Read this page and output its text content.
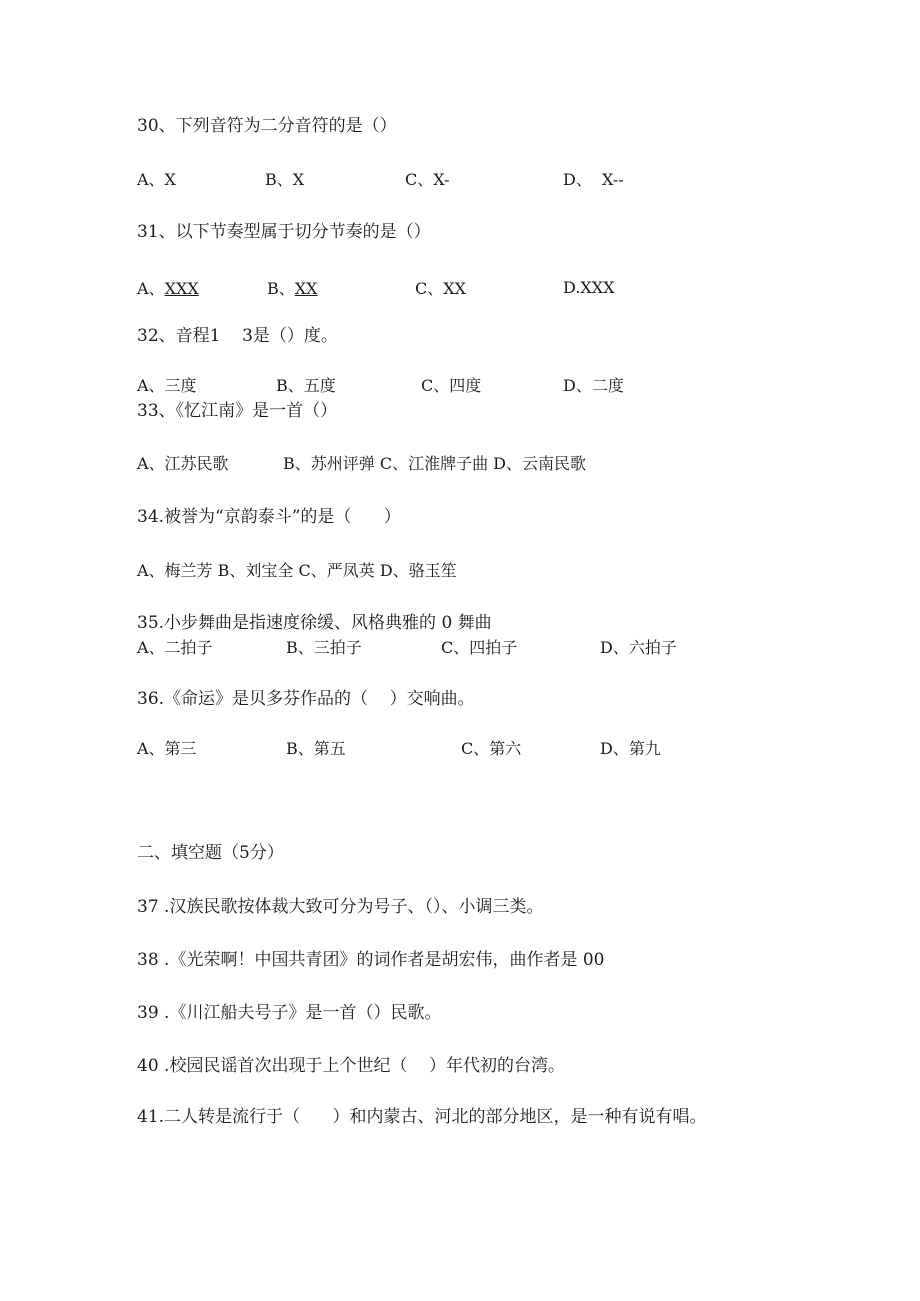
30、下列音符为二分音符的是（）
A、X	B、X	C、X-	D、  X--
31、以下节奏型属于切分节奏的是（）
A、XXX	B、XX	C、XX	D.XXX
32、音程1    3是（）度。
A、三度	B、五度	C、四度	D、二度
33、《忆江南》是一首（）
A、江苏民歌	B、苏州评弹 C、江淮牌子曲 D、云南民歌
34.被誉为“京韵泰斗”的是（      ）
A、梅兰芳 B、刘宝全 C、严凤英 D、骆玉笙
35.小步舞曲是指速度徐缓、风格典雅的 0 舞曲
A、二拍子	B、三拍子	C、四拍子	D、六拍子
36.《命运》是贝多芬作品的（    ）交响曲。
A、第三	B、第五	C、第六	D、第九
二、填空题（5分）
37 .汉族民歌按体裁大致可分为号子、（）、小调三类。
38 .《光荣啊！中国共青团》的词作者是胡宏伟，曲作者是 00
39 .《川江船夫号子》是一首（）民歌。
40 .校园民谣首次出现于上个世纪（    ）年代初的台湾。
41.二人转是流行于（      ）和内蒙古、河北的部分地区，是一种有说有唱。
